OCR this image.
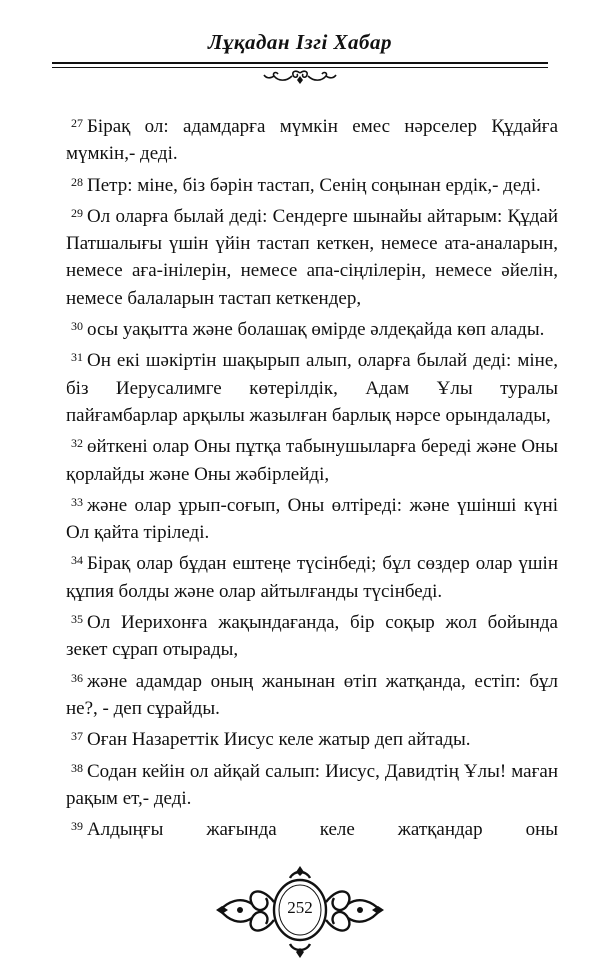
Лұқадан Ізгі Хабар

$^{27}$ Бірақ ол: адамдарға мүмкін емес нәрселер Құдайға мүмкін,- деді.

$^{28}$ Петр: міне, біз бәрін тастап, Сенің соңынан ердік,- деді.

$^{29}$ Ол оларға былай деді: Сендерге шынайы айтарым: Құдай Патшалығы үшін үйін тастап кеткен, немесе ата-аналарын, немесе аға-інілерін, немесе апа-сіңлілерін, немесе әйелін, немесе балаларын тастап кеткендер,

$^{30}$ осы уақытта және болашақ өмірде әлдеқайда көп алады.

$^{31}$ Он екі шәкіртін шақырып алып, оларға былай деді: міне, біз Иерусалимге көтерілдік, Адам Ұлы туралы пайғамбарлар арқылы жазылған барлық нәрсе орындалады,

$^{32}$ өйткені олар Оны пұтқа табынушыларға береді және Оны қорлайды және Оны жәбірлейді,

$^{33}$ және олар ұрып-соғып, Оны өлтіреді: және үшінші күні Ол қайта тіріледі.

$^{34}$ Бірақ олар бұдан ештеңе түсінбеді; бұл сөздер олар үшін құпия болды және олар айтылғанды түсінбеді.

$^{35}$ Ол Иерихонға жақындағанда, бір соқыр жол бойында зекет сұрап отырады,

$^{36}$ және адамдар оның жанынан өтіп жатқанда, естіп: бұл не?, - деп сұрайды.

$^{37}$ Оған Назареттік Иисус келе жатыр деп айтады.

$^{38}$ Содан кейін ол айқай салып: Иисус, Давидтің Ұлы! маған рақым ет,- деді.

$^{39}$ Алдыңғы жағында келе жатқандар оны

252
